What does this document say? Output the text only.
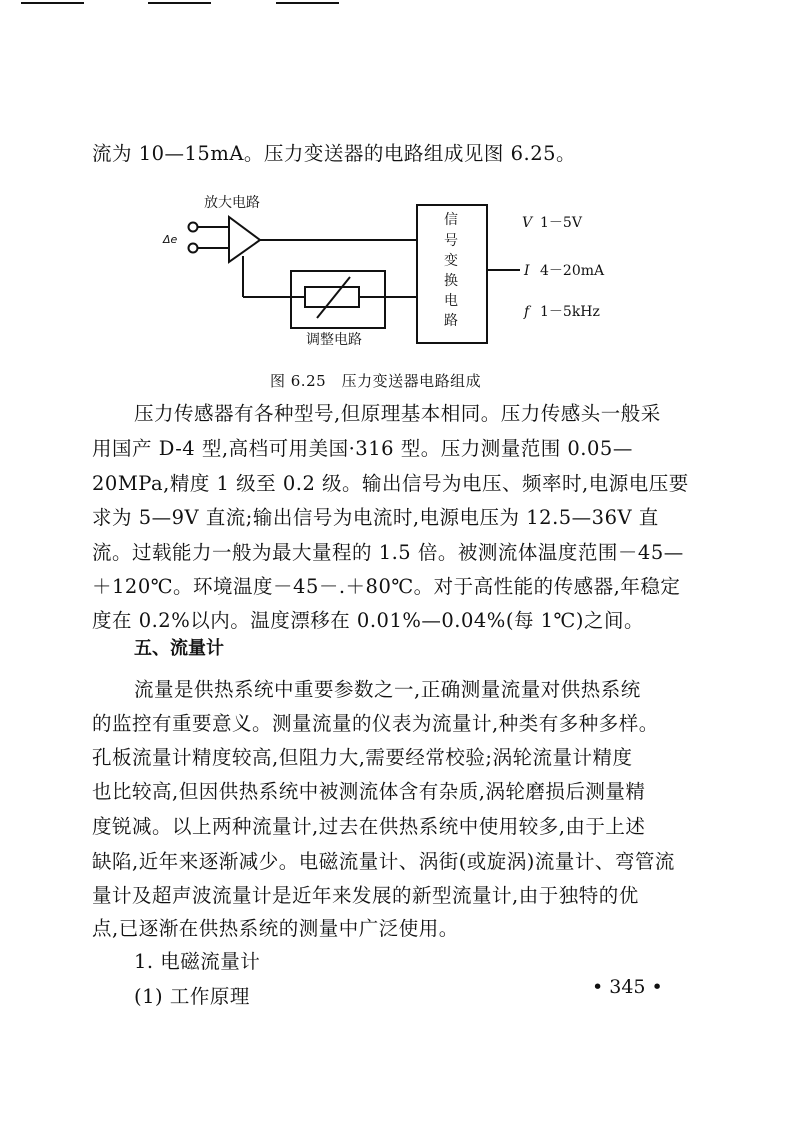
流为 10—15mA。压力变送器的电路组成见图 6.25。
放大电路
Δe
调整电路
信
号
变
换
电
路
V 1－5V
I 4－20mA
f 1－5kHz
图 6.25　压力变送器电路组成
压力传感器有各种型号,但原理基本相同。压力传感头一般采
用国产 D-4 型,高档可用美国·316 型。压力测量范围 0.05—
20MPa,精度 1 级至 0.2 级。输出信号为电压、频率时,电源电压要
求为 5—9V 直流;输出信号为电流时,电源电压为 12.5—36V 直
流。过载能力一般为最大量程的 1.5 倍。被测流体温度范围－45—
＋120℃。环境温度－45－.＋80℃。对于高性能的传感器,年稳定
度在 0.2%以内。温度漂移在 0.01%—0.04%(每 1℃)之间。
五、流量计
流量是供热系统中重要参数之一,正确测量流量对供热系统
的监控有重要意义。测量流量的仪表为流量计,种类有多种多样。
孔板流量计精度较高,但阻力大,需要经常校验;涡轮流量计精度
也比较高,但因供热系统中被测流体含有杂质,涡轮磨损后测量精
度锐减。以上两种流量计,过去在供热系统中使用较多,由于上述
缺陷,近年来逐渐减少。电磁流量计、涡街(或旋涡)流量计、弯管流
量计及超声波流量计是近年来发展的新型流量计,由于独特的优
点,已逐渐在供热系统的测量中广泛使用。
1. 电磁流量计
(1) 工作原理	• 345 •
